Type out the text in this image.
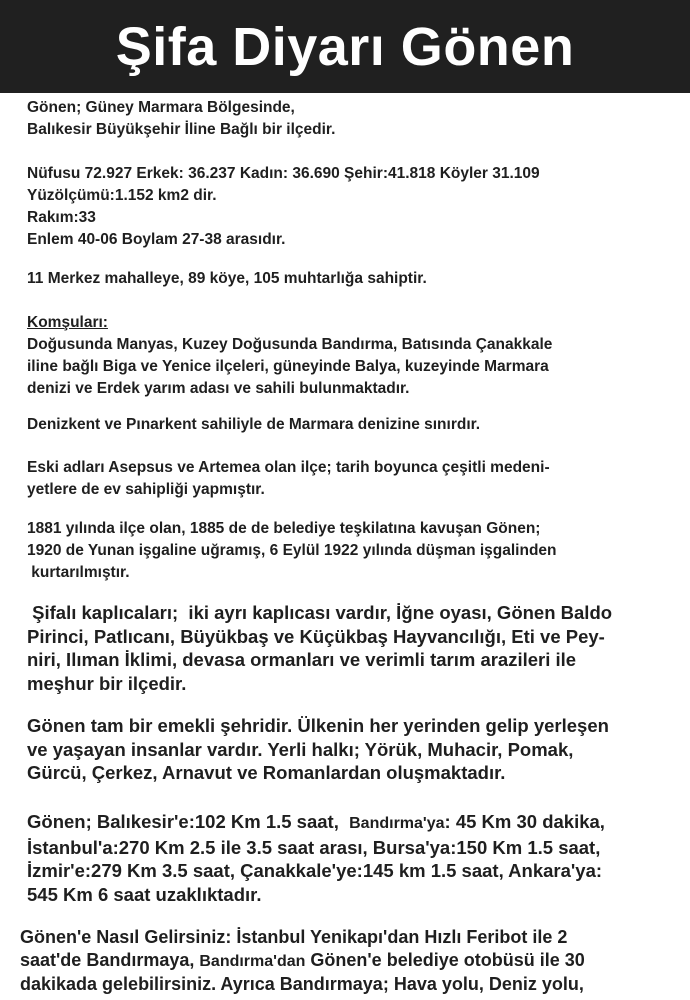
Şifa Diyarı Gönen
Gönen; Güney Marmara Bölgesinde,
Balıkesir Büyükşehir İline Bağlı bir ilçedir.
Nüfusu 72.927 Erkek: 36.237 Kadın: 36.690 Şehir:41.818 Köyler 31.109
Yüzölçümü:1.152 km2 dir.
Rakım:33
Enlem 40-06 Boylam 27-38 arasıdır.
11 Merkez mahalleye, 89 köye, 105 muhtarlığa sahiptir.
Komşuları:
Doğusunda Manyas, Kuzey Doğusunda Bandırma, Batısında Çanakkale
iline bağlı Biga ve Yenice ilçeleri, güneyinde Balya, kuzeyinde Marmara
denizi ve Erdek yarım adası ve sahili bulunmaktadır.
Denizkent ve Pınarkent sahiliyle de Marmara denizine sınırdır.
Eski adları Asepsus ve Artemea olan ilçe; tarih boyunca çeşitli medeni-
yetlere de ev sahipliği yapmıştır.
1881 yılında ilçe olan, 1885 de de belediye teşkilatına kavuşan Gönen;
1920 de Yunan işgaline uğramış, 6 Eylül 1922 yılında düşman işgalinden
kurtarılmıştır.
Şifalı kaplıcaları;  iki ayrı kaplıcası vardır, İğne oyası, Gönen Baldo
Pirinci, Patlıcanı, Büyükbaş ve Küçükbaş Hayvancılığı, Eti ve Pey-
niri, Ilıman İklimi, devasa ormanları ve verimli tarım arazileri ile
meşhur bir ilçedir.
Gönen tam bir emekli şehridir. Ülkenin her yerinden gelip yerleşen
ve yaşayan insanlar vardır. Yerli halkı; Yörük, Muhacir, Pomak,
Gürcü, Çerkez, Arnavut ve Romanlardan oluşmaktadır.
Gönen; Balıkesir'e:102 Km 1.5 saat,  Bandırma'ya: 45 Km 30 dakika,
İstanbul'a:270 Km 2.5 ile 3.5 saat arası, Bursa'ya:150 Km 1.5 saat,
İzmir'e:279 Km 3.5 saat, Çanakkale'ye:145 km 1.5 saat, Ankara'ya:
545 Km 6 saat uzaklıktadır.
Gönen'e Nasıl Gelirsiniz: İstanbul Yenikapı'dan Hızlı Feribot ile 2
saat'de Bandırmaya, Bandırma'dan Gönen'e belediye otobüsü ile 30
dakikada gelebilirsiniz. Ayrıca Bandırmaya; Hava yolu, Deniz yolu,
